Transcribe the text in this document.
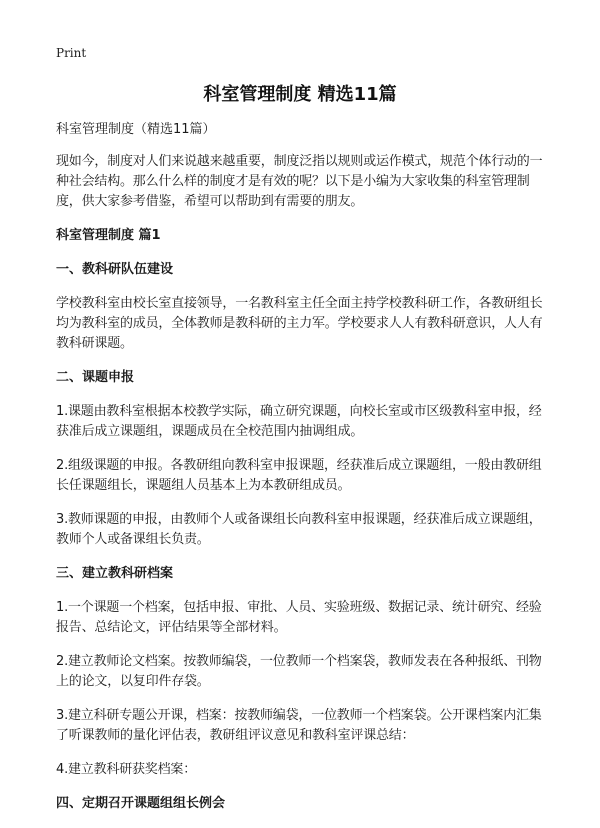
Print
科室管理制度 精选11篇

科室管理制度（精选11篇）

现如今，制度对人们来说越来越重要，制度泛指以规则或运作模式，规范个体行动的一种社会结构。那么什么样的制度才是有效的呢？以下是小编为大家收集的科室管理制度，供大家参考借鉴，希望可以帮助到有需要的朋友。

科室管理制度 篇1

一、教科研队伍建设

学校教科室由校长室直接领导，一名教科室主任全面主持学校教科研工作，各教研组长均为教科室的成员，全体教师是教科研的主力军。学校要求人人有教科研意识，人人有教科研课题。

二、课题申报

1.课题由教科室根据本校教学实际，确立研究课题，向校长室或市区级教科室申报，经获准后成立课题组，课题成员在全校范围内抽调组成。

2.组级课题的申报。各教研组向教科室申报课题，经获准后成立课题组，一般由教研组长任课题组长，课题组人员基本上为本教研组成员。

3.教师课题的申报，由教师个人或备课组长向教科室申报课题，经获准后成立课题组，教师个人或备课组长负责。

三、建立教科研档案

1.一个课题一个档案，包括申报、审批、人员、实验班级、数据记录、统计研究、经验报告、总结论文，评估结果等全部材料。

2.建立教师论文档案。按教师编袋，一位教师一个档案袋，教师发表在各种报纸、刊物上的论文，以复印件存袋。

3.建立科研专题公开课，档案：按教师编袋，一位教师一个档案袋。公开课档案内汇集了听课教师的量化评估表，教研组评议意见和教科室评课总结：

4.建立教科研获奖档案：

四、定期召开课题组组长例会
